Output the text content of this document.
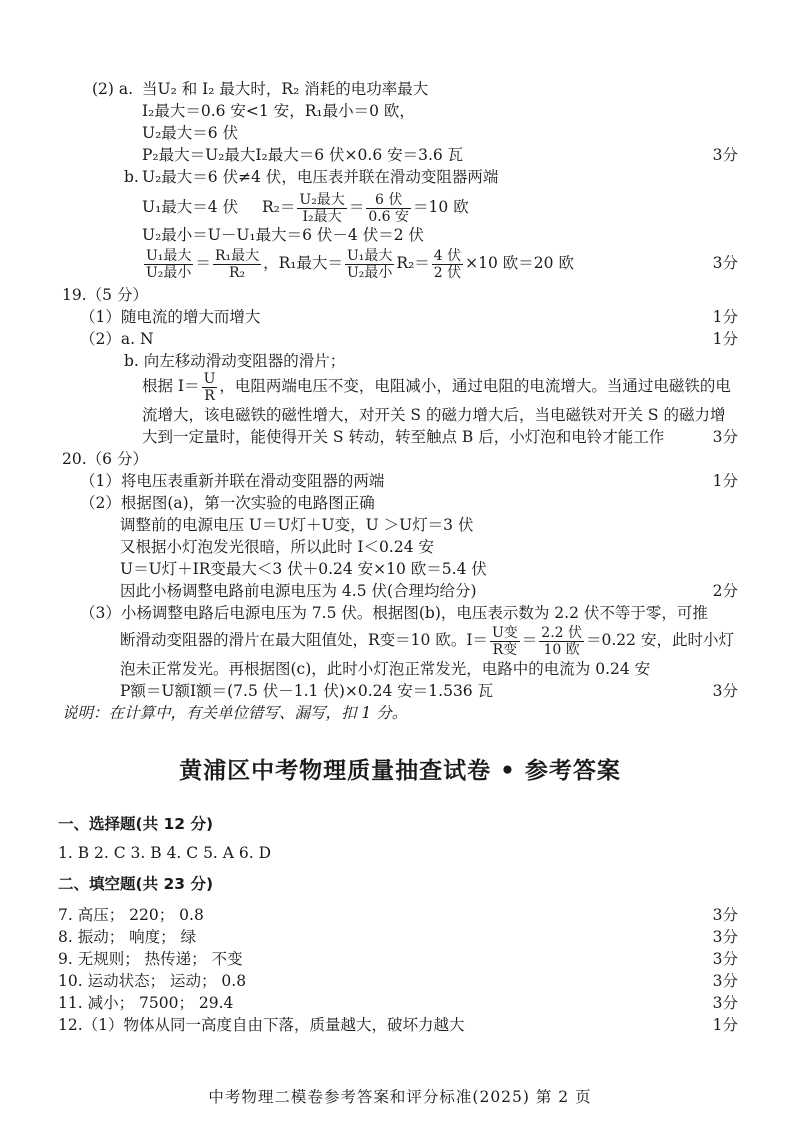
(2) a. 当U₂ 和 I₂ 最大时，R₂ 消耗的电功率最大
I₂最大＝0.6 安<1 安，R₁最小＝0 欧，
U₂最大＝6 伏
P₂最大＝U₂最大I₂最大＝6 伏×0.6 安＝3.6 瓦	3分
b. U₂最大＝6 伏≠4 伏，电压表并联在滑动变阻器两端
U₁最大＝4 伏 $R_2= \frac{\text{U₂最大}}{\text{I₂最大}} = \frac{\text{6 伏}}{\text{0.6 安}} =10$ 欧
U₂最小＝U－U₁最大＝6 伏－4 伏＝2 伏
$\frac{\text{U₁最大}}{\text{U₂最小}} = \frac{\text{R₁最大}}{\text{R₂}}$ ，R₁最大＝ $\frac{\text{U₁最大}}{\text{U₂最小}} R_2= \frac{\text{4 伏}}{\text{2 伏}} \times 10$ 欧＝20 欧	3分
19.（5 分）
（1）随电流的增大而增大	1分
（2）a. N	1分
b. 向左移动滑动变阻器的滑片；
根据 $I= \frac{U}{R}$ ，电阻两端电压不变，电阻减小，通过电阻的电流增大。当通过电磁铁的电
流增大，该电磁铁的磁性增大，对开关 S 的磁力增大后，当电磁铁对开关 S 的磁力增
大到一定量时，能使得开关 S 转动，转至触点 B 后，小灯泡和电铃才能工作	3分
20.（6 分）
（1）将电压表重新并联在滑动变阻器的两端	1分
（2）根据图(a)，第一次实验的电路图正确
调整前的电源电压 U＝U灯＋U变，U ＞U灯＝3 伏
又根据小灯泡发光很暗，所以此时 I＜0.24 安
U＝U灯＋IR变最大＜3 伏＋0.24 安×10 欧＝5.4 伏
因此小杨调整电路前电源电压为 4.5 伏(合理均给分)	2分
（3）小杨调整电路后电源电压为 7.5 伏。根据图(b)，电压表示数为 2.2 伏不等于零，可推
断滑动变阻器的滑片在最大阻值处，R变＝10 欧。$I= \frac{\text{U变}}{\text{R变}} = \frac{\text{2.2 伏}}{\text{10 欧}} =0.22$ 安，此时小灯
泡未正常发光。再根据图(c)，此时小灯泡正常发光，电路中的电流为 0.24 安
P额＝U额I额＝(7.5 伏－1.1 伏)×0.24 安＝1.536 瓦	3分
说明：在计算中，有关单位错写、漏写，扣 1 分。
黄浦区中考物理质量抽查试卷 • 参考答案
一、选择题(共 12 分)
1. B 2. C 3. B 4. C 5. A 6. D
二、填空题(共 23 分)
7. 高压； 220； 0.8	3分
8. 振动； 响度； 绿	3分
9. 无规则； 热传递； 不变	3分
10. 运动状态； 运动； 0.8	3分
11. 减小； 7500； 29.4	3分
12.（1）物体从同一高度自由下落，质量越大，破坏力越大	1分
中考物理二模卷参考答案和评分标准(2025) 第 2 页
